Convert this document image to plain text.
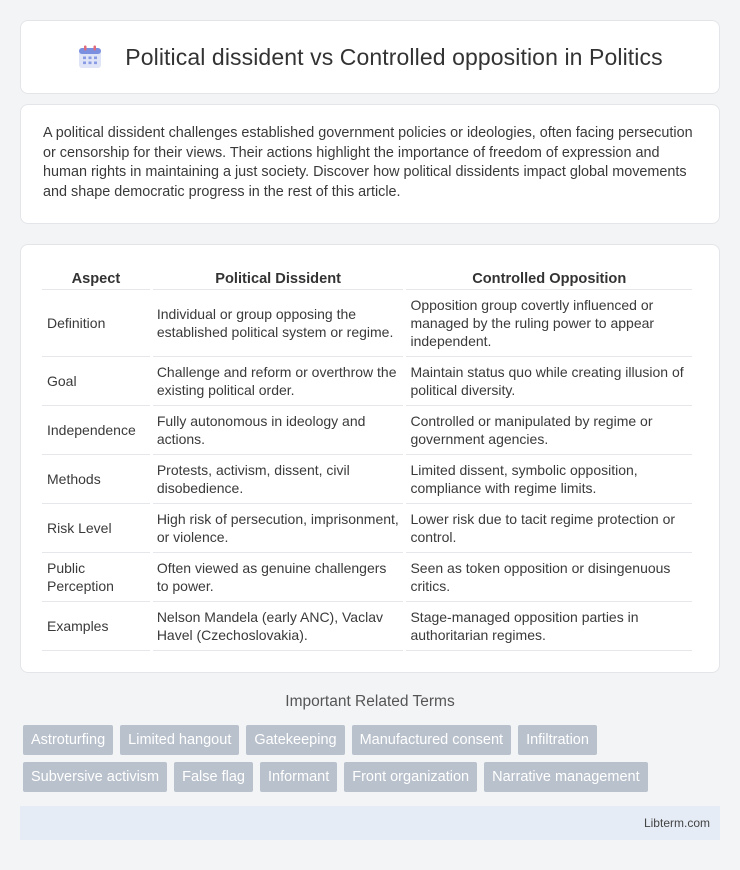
Political dissident vs Controlled opposition in Politics

A political dissident challenges established government policies or ideologies, often facing persecution or censorship for their views. Their actions highlight the importance of freedom of expression and human rights in maintaining a just society. Discover how political dissidents impact global movements and shape democratic progress in the rest of this article.

Aspect	Political Dissident	Controlled Opposition
Definition	Individual or group opposing the established political system or regime.	Opposition group covertly influenced or managed by the ruling power to appear independent.
Goal	Challenge and reform or overthrow the existing political order.	Maintain status quo while creating illusion of political diversity.
Independence	Fully autonomous in ideology and actions.	Controlled or manipulated by regime or government agencies.
Methods	Protests, activism, dissent, civil disobedience.	Limited dissent, symbolic opposition, compliance with regime limits.
Risk Level	High risk of persecution, imprisonment, or violence.	Lower risk due to tacit regime protection or control.
Public Perception	Often viewed as genuine challengers to power.	Seen as token opposition or disingenuous critics.
Examples	Nelson Mandela (early ANC), Vaclav Havel (Czechoslovakia).	Stage-managed opposition parties in authoritarian regimes.
Important Related Terms
Astroturfing	Limited hangout	Gatekeeping	Manufactured consent	Infiltration
Subversive activism	False flag	Informant	Front organization	Narrative management
Libterm.com
